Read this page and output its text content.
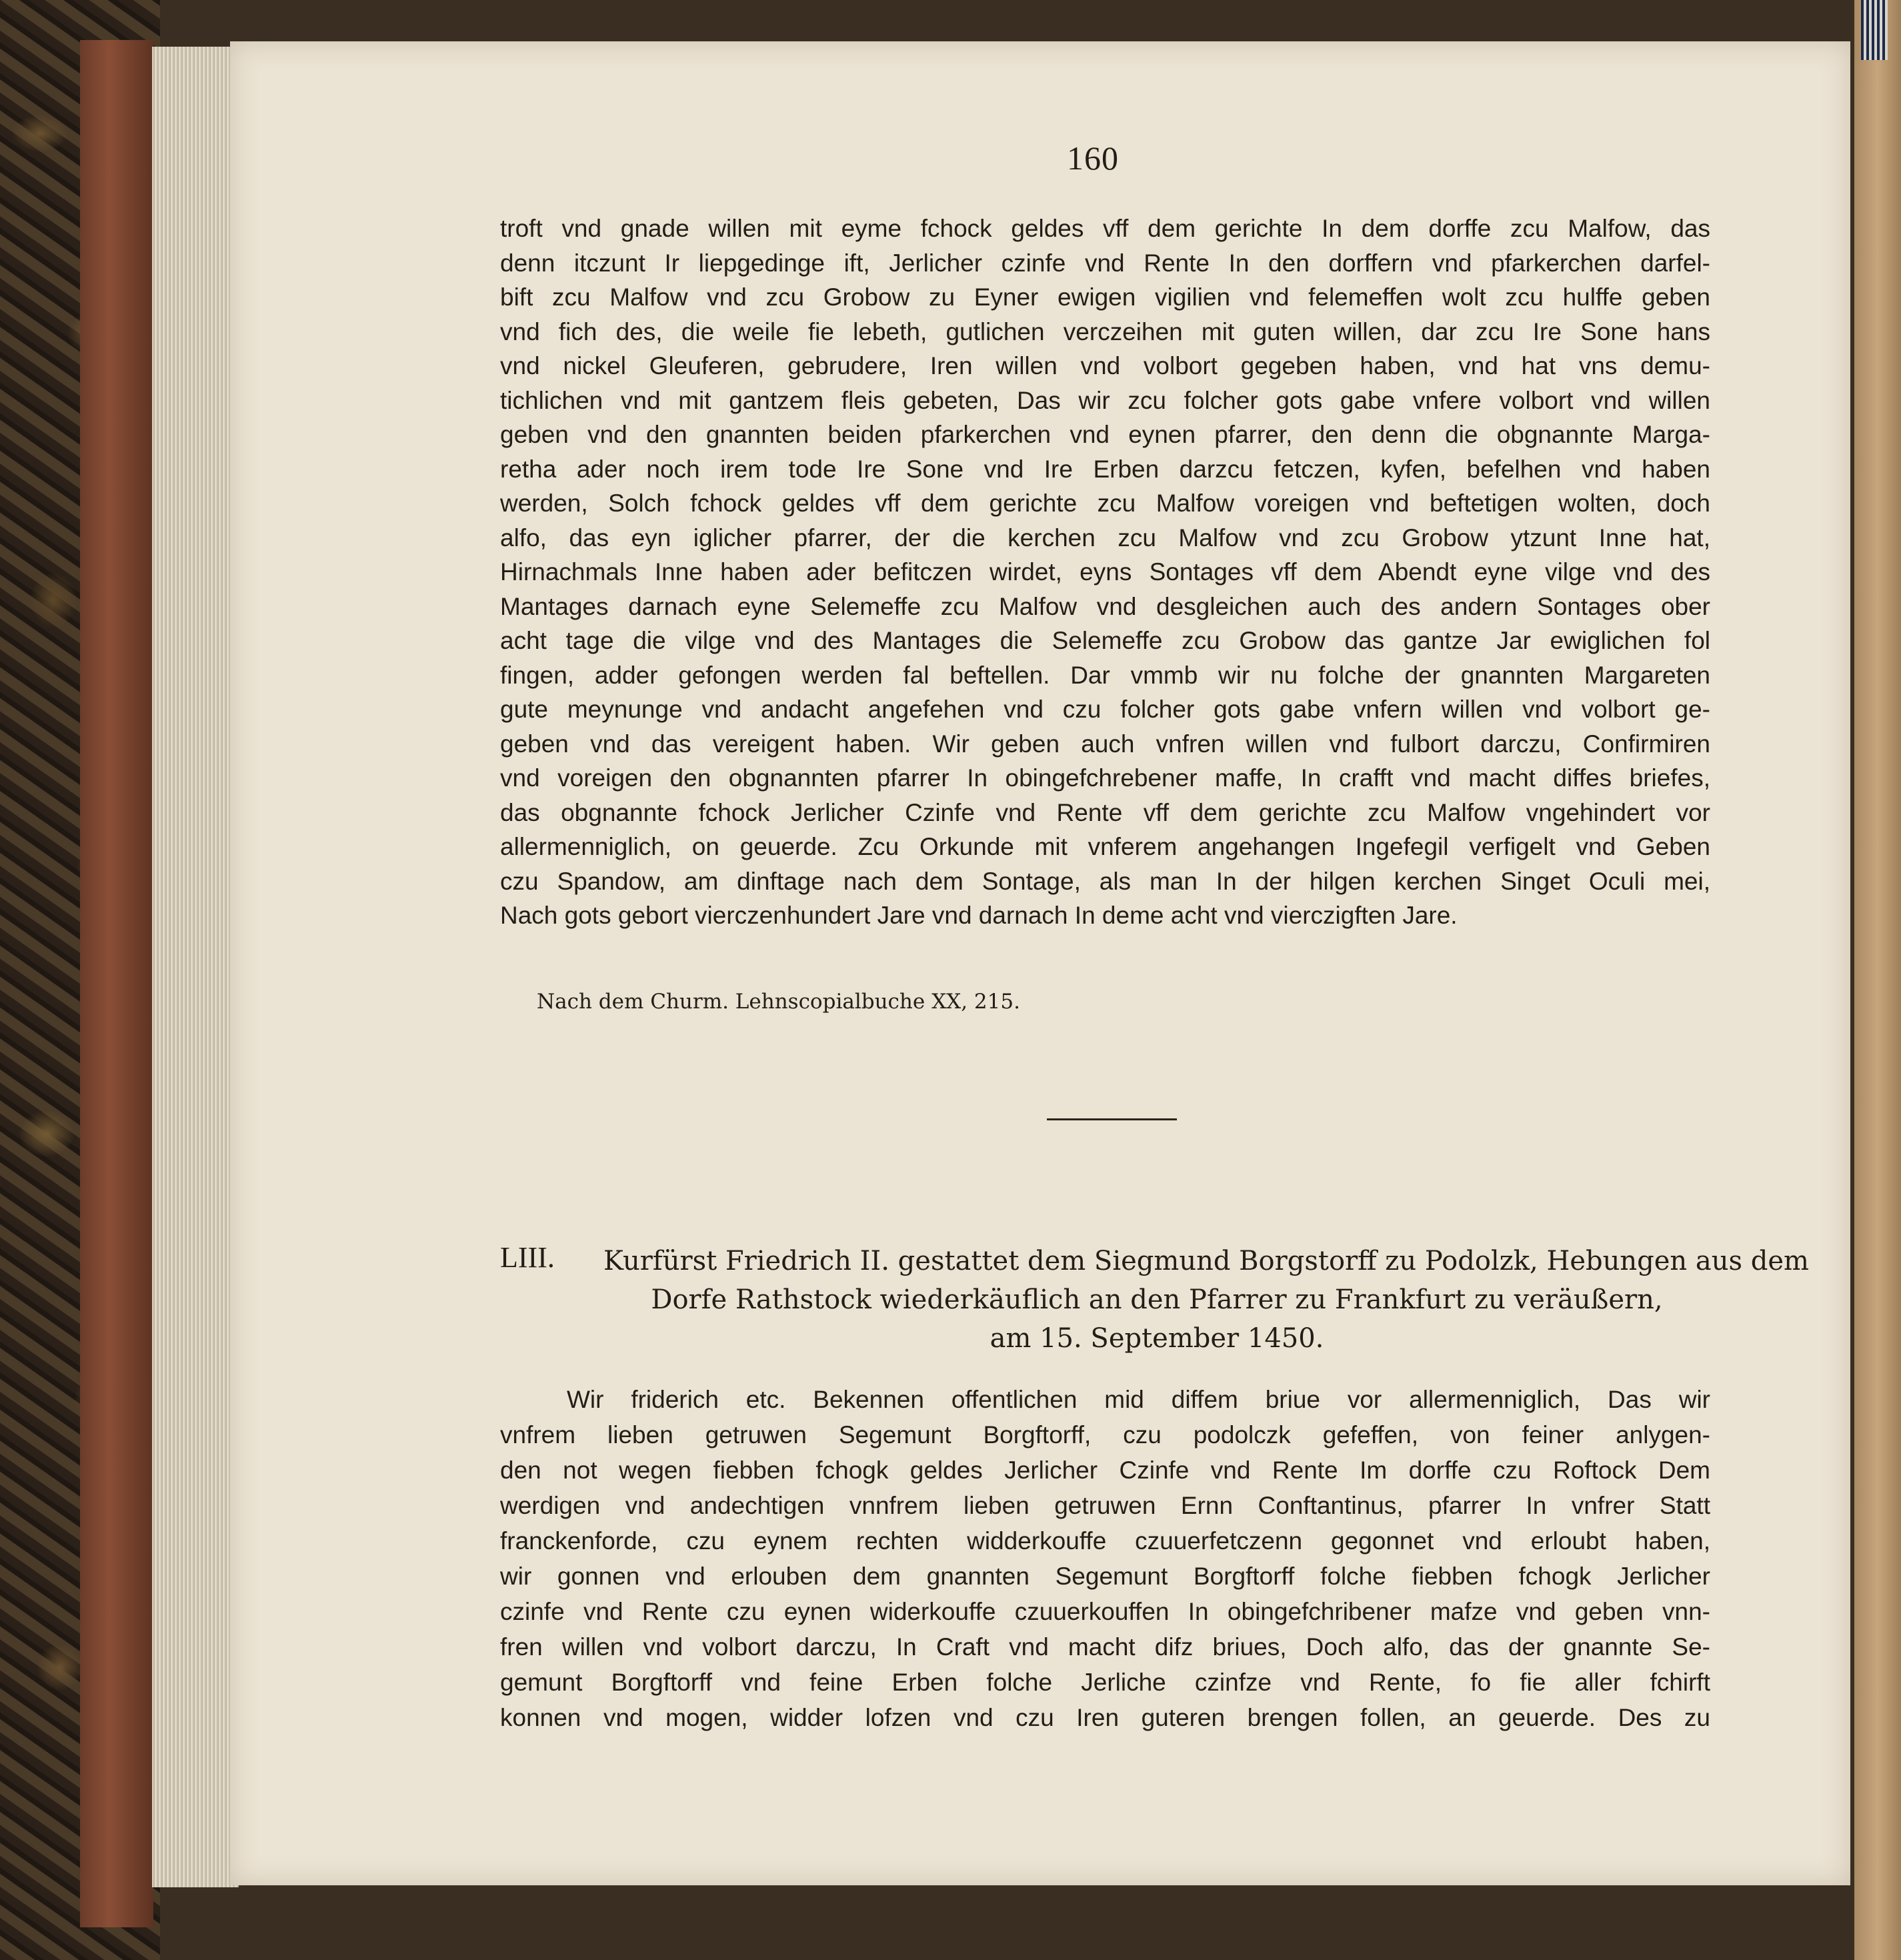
160
troft vnd gnade willen mit eyme fchock geldes vff dem gerichte In dem dorffe zcu Malfow, das
denn itczunt Ir liepgedinge ift, Jerlicher czinfe vnd Rente In den dorffern vnd pfarkerchen darfel-
bift zcu Malfow vnd zcu Grobow zu Eyner ewigen vigilien vnd felemeffen wolt zcu hulffe geben
vnd fich des, die weile fie lebeth, gutlichen verczeihen mit guten willen, dar zcu Ire Sone hans
vnd nickel Gleuferen, gebrudere, Iren willen vnd volbort gegeben haben, vnd hat vns demu-
tichlichen vnd mit gantzem fleis gebeten, Das wir zcu folcher gots gabe vnfere volbort vnd willen
geben vnd den gnannten beiden pfarkerchen vnd eynen pfarrer, den denn die obgnannte Marga-
retha ader noch irem tode Ire Sone vnd Ire Erben darzcu fetczen, kyfen, befelhen vnd haben
werden, Solch fchock geldes vff dem gerichte zcu Malfow voreigen vnd beftetigen wolten, doch
alfo, das eyn iglicher pfarrer, der die kerchen zcu Malfow vnd zcu Grobow ytzunt Inne hat,
Hirnachmals Inne haben ader befitczen wirdet, eyns Sontages vff dem Abendt eyne vilge vnd des
Mantages darnach eyne Selemeffe zcu Malfow vnd desgleichen auch des andern Sontages ober
acht tage die vilge vnd des Mantages die Selemeffe zcu Grobow das gantze Jar ewiglichen fol
fingen, adder gefongen werden fal beftellen. Dar vmmb wir nu folche der gnannten Margareten
gute meynunge vnd andacht angefehen vnd czu folcher gots gabe vnfern willen vnd volbort ge-
geben vnd das vereigent haben. Wir geben auch vnfren willen vnd fulbort darczu, Confirmiren
vnd voreigen den obgnannten pfarrer In obingefchrebener maffe, In crafft vnd macht diffes briefes,
das obgnannte fchock Jerlicher Czinfe vnd Rente vff dem gerichte zcu Malfow vngehindert vor
allermenniglich, on geuerde. Zcu Orkunde mit vnferem angehangen Ingefegil verfigelt vnd Geben
czu Spandow, am dinftage nach dem Sontage, als man In der hilgen kerchen Singet Oculi mei,
Nach gots gebort vierczenhundert Jare vnd darnach In deme acht vnd vierczigften Jare.
Nach dem Churm. Lehnscopialbuche XX, 215.
LIII. Kurfürst Friedrich II. gestattet dem Siegmund Borgstorff zu Podolzk, Hebungen aus dem
Dorfe Rathstock wiederkäuflich an den Pfarrer zu Frankfurt zu veräußern,
am 15. September 1450.
Wir friderich etc. Bekennen offentlichen mid diffem briue vor allermenniglich, Das wir
vnfrem lieben getruwen Segemunt Borgftorff, czu podolczk gefeffen, von feiner anlygen-
den not wegen fiebben fchogk geldes Jerlicher Czinfe vnd Rente Im dorffe czu Roftock Dem
werdigen vnd andechtigen vnnfrem lieben getruwen Ernn Conftantinus, pfarrer In vnfrer Statt
franckenforde, czu eynem rechten widderkouffe czuuerfetczenn gegonnet vnd erloubt haben,
wir gonnen vnd erlouben dem gnannten Segemunt Borgftorff folche fiebben fchogk Jerlicher
czinfe vnd Rente czu eynen widerkouffe czuuerkouffen In obingefchribener mafze vnd geben vnn-
fren willen vnd volbort darczu, In Craft vnd macht difz briues, Doch alfo, das der gnannte Se-
gemunt Borgftorff vnd feine Erben folche Jerliche czinfze vnd Rente, fo fie aller fchirft
konnen vnd mogen, widder lofzen vnd czu Iren guteren brengen follen, an geuerde. Des zu
